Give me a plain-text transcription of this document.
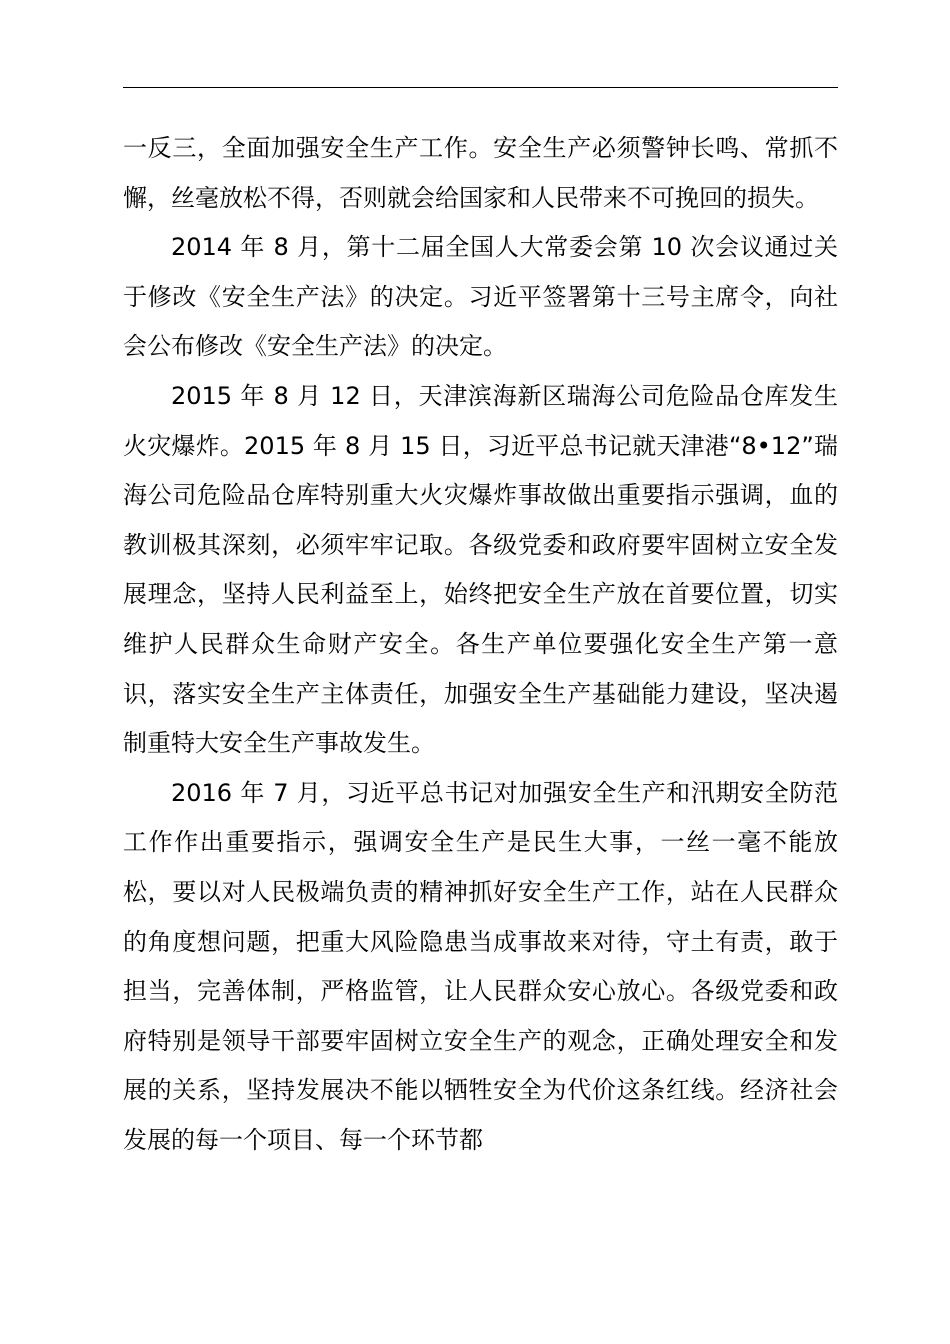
一反三，全面加强安全生产工作。安全生产必须警钟长鸣、常抓不懈，丝毫放松不得，否则就会给国家和人民带来不可挽回的损失。

2014 年 8 月，第十二届全国人大常委会第 10 次会议通过关于修改《安全生产法》的决定。习近平签署第十三号主席令，向社会公布修改《安全生产法》的决定。

2015 年 8 月 12 日，天津滨海新区瑞海公司危险品仓库发生火灾爆炸。2015 年 8 月 15 日，习近平总书记就天津港“8•12”瑞海公司危险品仓库特别重大火灾爆炸事故做出重要指示强调，血的教训极其深刻，必须牢牢记取。各级党委和政府要牢固树立安全发展理念，坚持人民利益至上，始终把安全生产放在首要位置，切实维护人民群众生命财产安全。各生产单位要强化安全生产第一意识，落实安全生产主体责任，加强安全生产基础能力建设，坚决遏制重特大安全生产事故发生。

2016 年 7 月，习近平总书记对加强安全生产和汛期安全防范工作作出重要指示，强调安全生产是民生大事，一丝一毫不能放松，要以对人民极端负责的精神抓好安全生产工作，站在人民群众的角度想问题，把重大风险隐患当成事故来对待，守土有责，敢于担当，完善体制，严格监管，让人民群众安心放心。各级党委和政府特别是领导干部要牢固树立安全生产的观念，正确处理安全和发展的关系，坚持发展决不能以牺牲安全为代价这条红线。经济社会发展的每一个项目、每一个环节都
